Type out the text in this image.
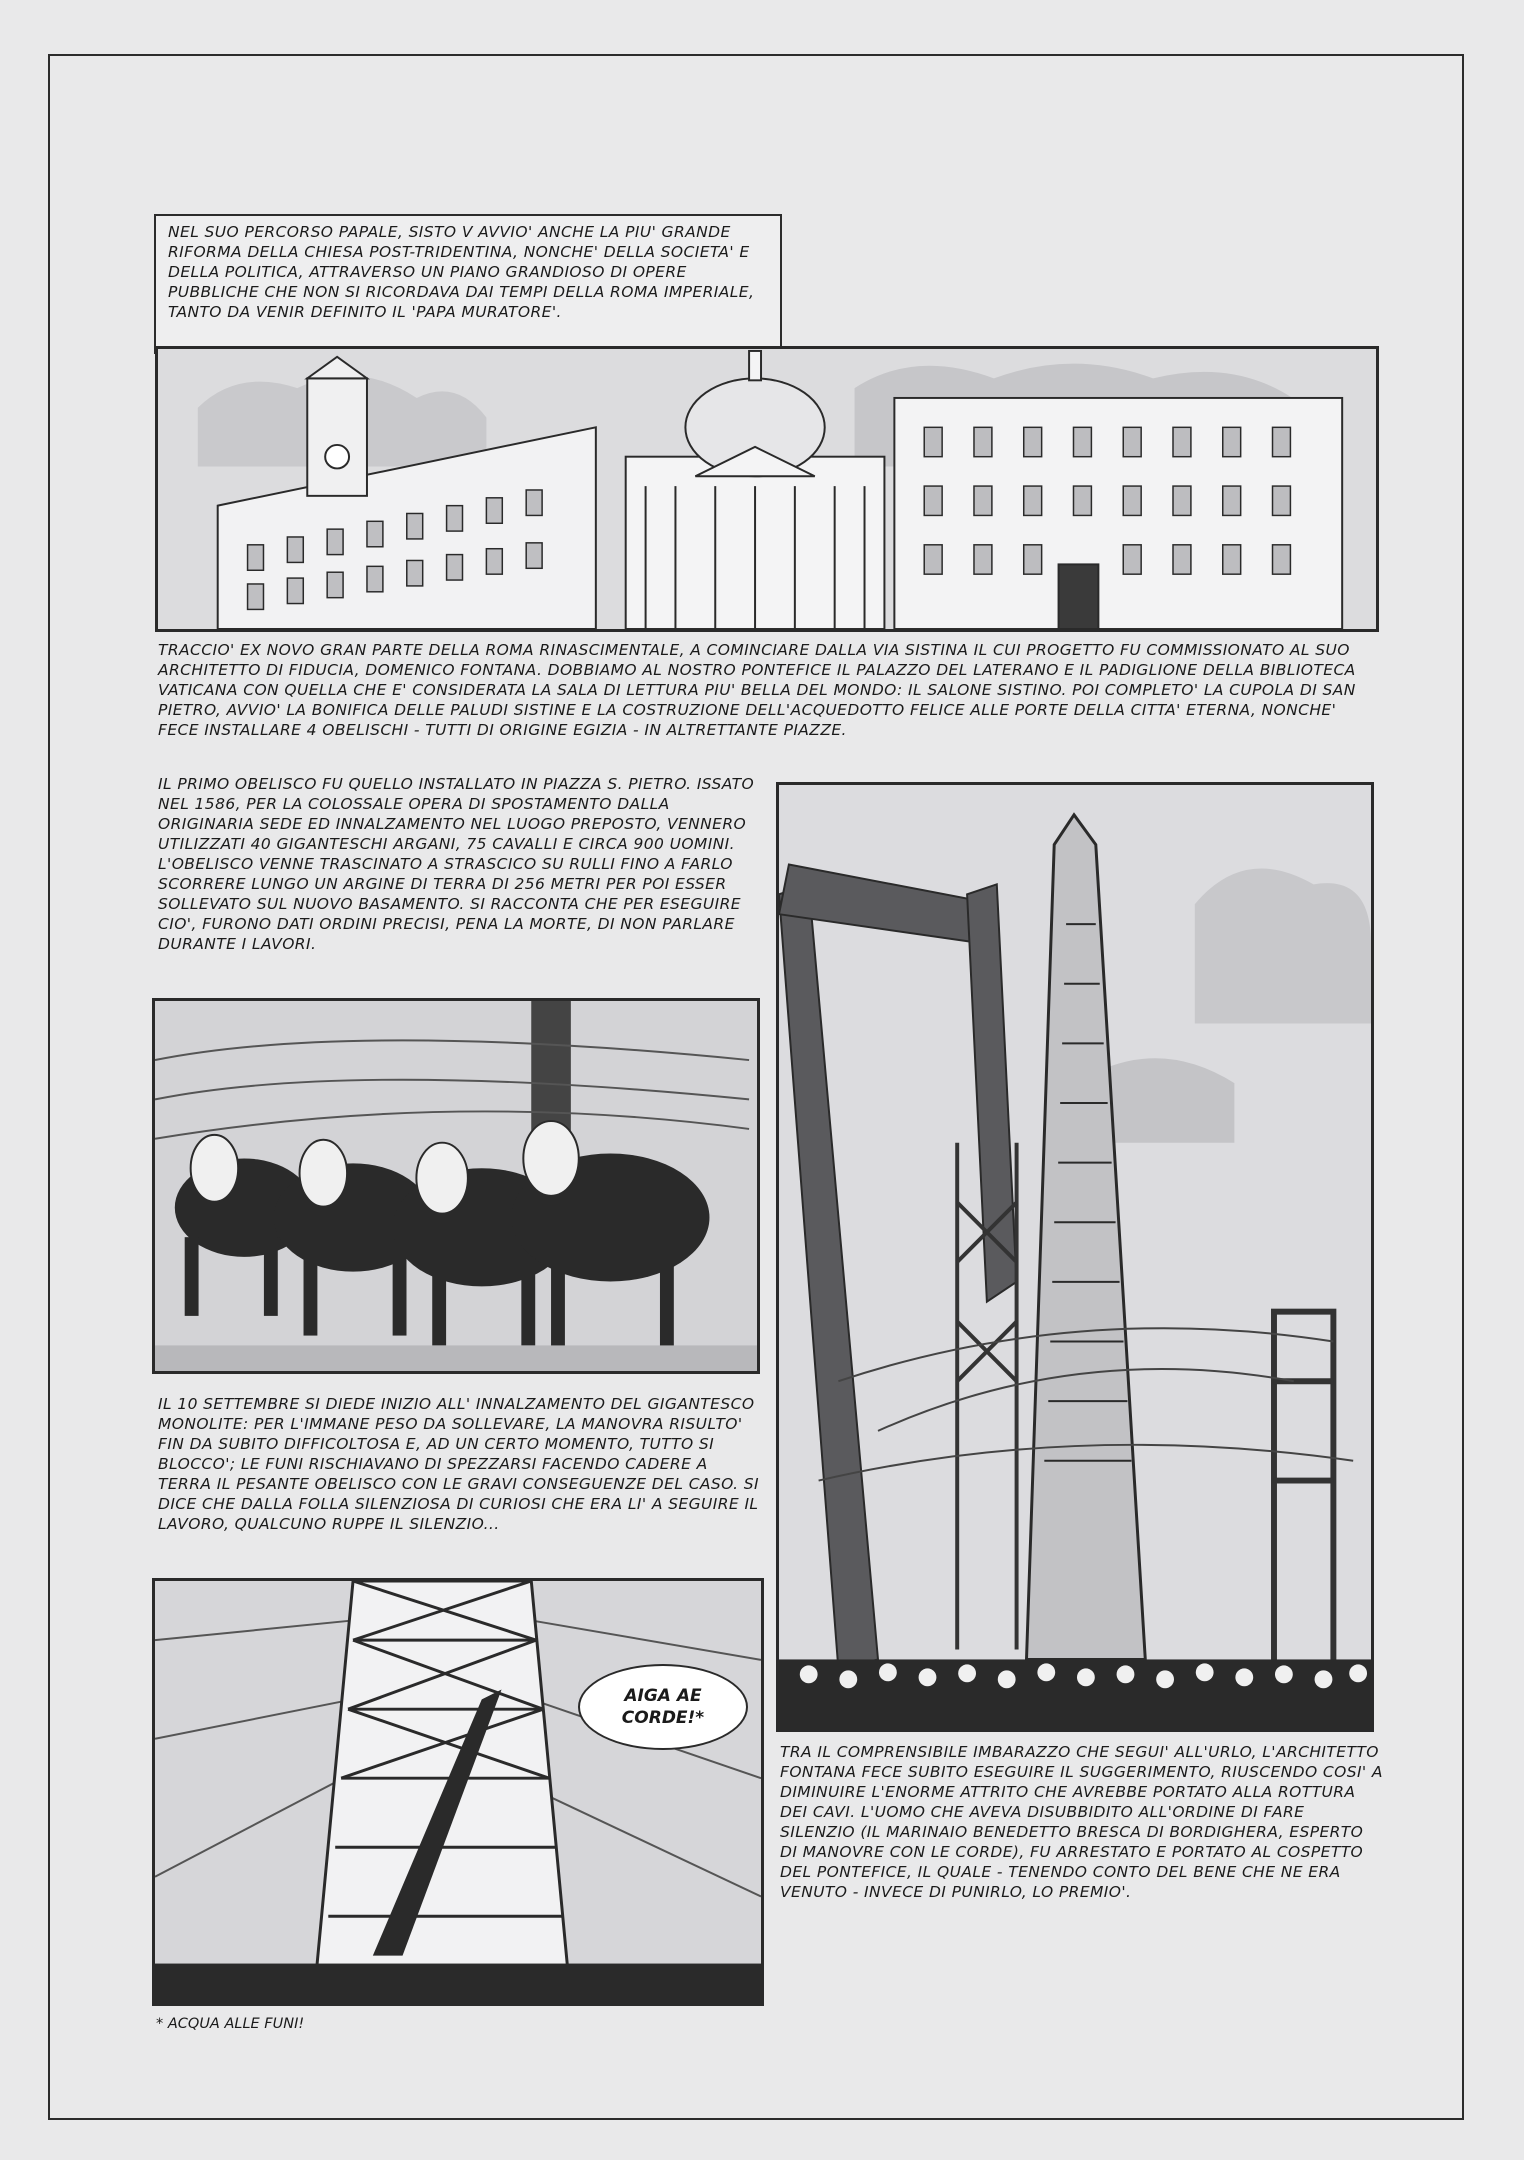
NEL SUO PERCORSO PAPALE, SISTO V AVVIO' ANCHE LA PIU' GRANDE RIFORMA DELLA CHIESA POST-TRIDENTINA, NONCHE' DELLA SOCIETA' E DELLA POLITICA, ATTRAVERSO UN PIANO GRANDIOSO DI OPERE PUBBLICHE CHE NON SI RICORDAVA DAI TEMPI DELLA ROMA IMPERIALE, TANTO DA VENIR DEFINITO IL 'PAPA MURATORE'.

TRACCIO' EX NOVO GRAN PARTE DELLA ROMA RINASCIMENTALE, A COMINCIARE DALLA VIA SISTINA IL CUI PROGETTO FU COMMISSIONATO AL SUO ARCHITETTO DI FIDUCIA, DOMENICO FONTANA. DOBBIAMO AL NOSTRO PONTEFICE IL PALAZZO DEL LATERANO E IL PADIGLIONE DELLA BIBLIOTECA VATICANA CON QUELLA CHE E' CONSIDERATA LA SALA DI LETTURA PIU' BELLA DEL MONDO: IL SALONE SISTINO. POI COMPLETO' LA CUPOLA DI SAN PIETRO, AVVIO' LA BONIFICA DELLE PALUDI SISTINE E LA COSTRUZIONE DELL'ACQUEDOTTO FELICE ALLE PORTE DELLA CITTA' ETERNA, NONCHE' FECE INSTALLARE 4 OBELISCHI - TUTTI DI ORIGINE EGIZIA - IN ALTRETTANTE PIAZZE.

IL PRIMO OBELISCO FU QUELLO INSTALLATO IN PIAZZA S. PIETRO. ISSATO NEL 1586, PER LA COLOSSALE OPERA DI SPOSTAMENTO DALLA ORIGINARIA SEDE ED INNALZAMENTO NEL LUOGO PREPOSTO, VENNERO UTILIZZATI 40 GIGANTESCHI ARGANI, 75 CAVALLI E CIRCA 900 UOMINI. L'OBELISCO VENNE TRASCINATO A STRASCICO SU RULLI FINO A FARLO SCORRERE LUNGO UN ARGINE DI TERRA DI 256 METRI PER POI ESSER SOLLEVATO SUL NUOVO BASAMENTO. SI RACCONTA CHE PER ESEGUIRE CIO', FURONO DATI ORDINI PRECISI, PENA LA MORTE, DI NON PARLARE DURANTE I LAVORI.

IL 10 SETTEMBRE SI DIEDE INIZIO ALL' INNALZAMENTO DEL GIGANTESCO MONOLITE: PER L'IMMANE PESO DA SOLLEVARE, LA MANOVRA RISULTO' FIN DA SUBITO DIFFICOLTOSA E, AD UN CERTO MOMENTO, TUTTO SI BLOCCO'; LE FUNI RISCHIAVANO DI SPEZZARSI FACENDO CADERE A TERRA IL PESANTE OBELISCO CON LE GRAVI CONSEGUENZE DEL CASO. SI DICE CHE DALLA FOLLA SILENZIOSA DI CURIOSI CHE ERA LI' A SEGUIRE IL LAVORO, QUALCUNO RUPPE IL SILENZIO...

AIGA AE CORDE!*

TRA IL COMPRENSIBILE IMBARAZZO CHE SEGUI' ALL'URLO, L'ARCHITETTO FONTANA FECE SUBITO ESEGUIRE IL SUGGERIMENTO, RIUSCENDO COSI' A DIMINUIRE L'ENORME ATTRITO CHE AVREBBE PORTATO ALLA ROTTURA DEI CAVI. L'UOMO CHE AVEVA DISUBBIDITO ALL'ORDINE DI FARE SILENZIO (IL MARINAIO BENEDETTO BRESCA DI BORDIGHERA, ESPERTO DI MANOVRE CON LE CORDE), FU ARRESTATO E PORTATO AL COSPETTO DEL PONTEFICE, IL QUALE - TENENDO CONTO DEL BENE CHE NE ERA VENUTO - INVECE DI PUNIRLO, LO PREMIO'.

* ACQUA ALLE FUNI!
